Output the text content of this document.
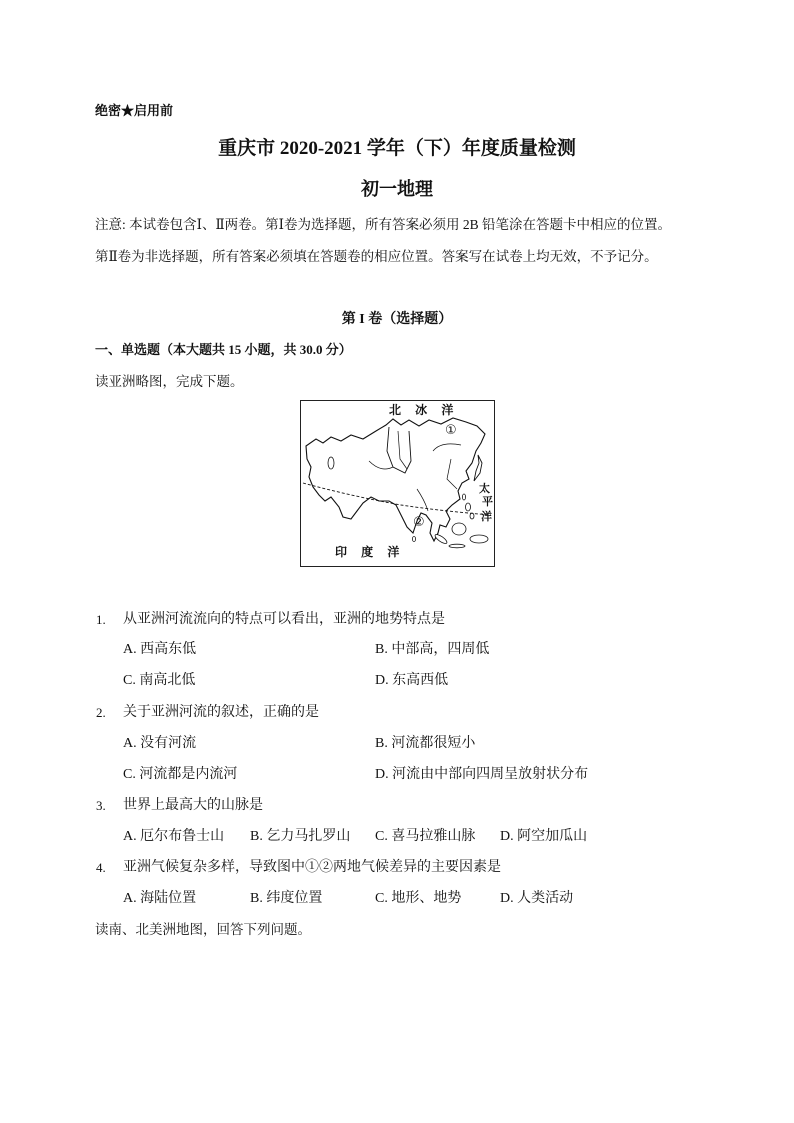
绝密★启用前
重庆市 2020-2021 学年（下）年度质量检测
初一地理
注意: 本试卷包含Ⅰ、Ⅱ两卷。第Ⅰ卷为选择题，所有答案必须用 2B 铅笔涂在答题卡中相应的位置。
第Ⅱ卷为非选择题，所有答案必须填在答题卷的相应位置。答案写在试卷上均无效，不予记分。
第 I 卷（选择题）
一、单选题（本大题共 15 小题，共 30.0 分）
读亚洲略图，完成下题。
北 冰 洋
①
太
平
洋
②
印 度 洋
1. 从亚洲河流流向的特点可以看出，亚洲的地势特点是
A. 西高东低	B. 中部高，四周低
C. 南高北低	D. 东高西低
2. 关于亚洲河流的叙述，正确的是
A. 没有河流	B. 河流都很短小
C. 河流都是内流河	D. 河流由中部向四周呈放射状分布
3. 世界上最高大的山脉是
A. 厄尔布鲁士山 B. 乞力马扎罗山 C. 喜马拉雅山脉 D. 阿空加瓜山
4. 亚洲气候复杂多样，导致图中①②两地气候差异的主要因素是
A. 海陆位置	B. 纬度位置	C. 地形、地势	D. 人类活动
读南、北美洲地图，回答下列问题。
